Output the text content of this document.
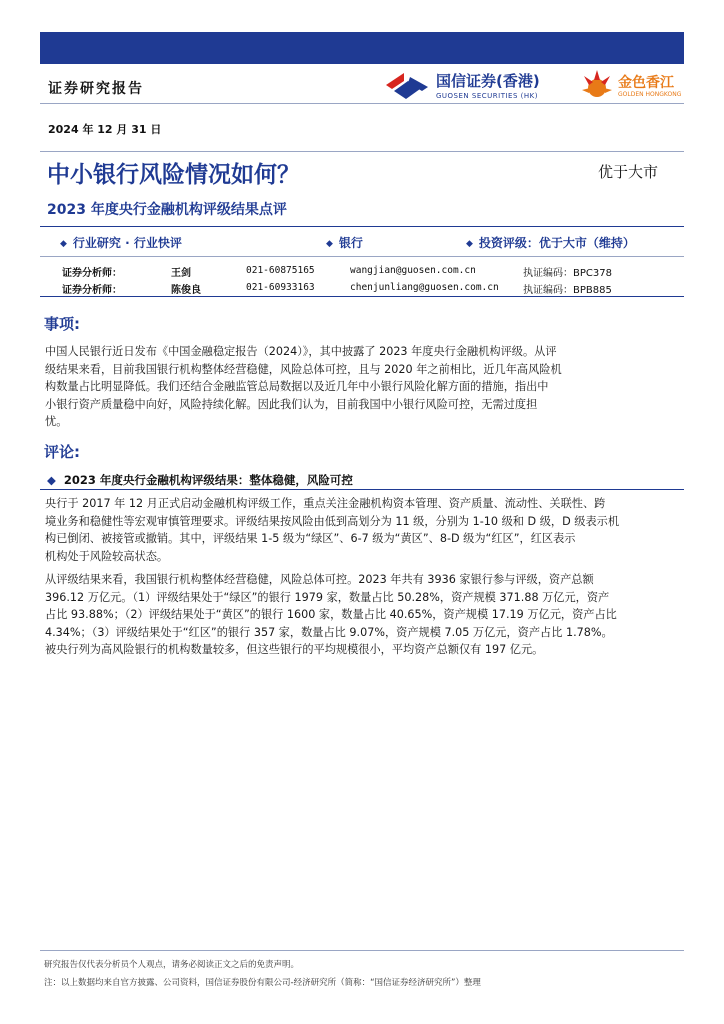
证券研究报告	国信证券(香港)
GUOSEN SECURITIES (HK)
金色香江
GOLDEN HONGKONG
2024 年 12 月 31 日
中小银行风险情况如何？	优于大市
2023 年度央行金融机构评级结果点评
◆ 行业研究 · 行业快评	◆ 银行	◆ 投资评级：优于大市（维持）
证券分析师：	王剑	021-60875165	wangjian@guosen.com.cn	执证编码：BPC378
证券分析师：	陈俊良	021-60933163	chenjunliang@guosen.com.cn 执证编码：BPB885
事项:

中国人民银行近日发布《中国金融稳定报告（2024）》，其中披露了 2023 年度央行金融机构评级。从评

级结果来看，目前我国银行机构整体经营稳健，风险总体可控，且与 2020 年之前相比，近几年高风险机

构数量占比明显降低。我们还结合金融监管总局数据以及近几年中小银行风险化解方面的措施，指出中

小银行资产质量稳中向好，风险持续化解。因此我们认为，目前我国中小银行风险可控，无需过度担

忧。

评论:
◆ 2023 年度央行金融机构评级结果：整体稳健，风险可控

央行于 2017 年 12 月正式启动金融机构评级工作，重点关注金融机构资本管理、资产质量、流动性、关联性、跨

境业务和稳健性等宏观审慎管理要求。评级结果按风险由低到高划分为 11 级，分别为 1-10 级和 D 级，D 级表示机

构已倒闭、被接管或撤销。其中，评级结果 1-5 级为“绿区”、6-7 级为“黄区”、8-D 级为“红区”，红区表示

机构处于风险较高状态。

从评级结果来看，我国银行机构整体经营稳健，风险总体可控。2023 年共有 3936 家银行参与评级，资产总额

396.12 万亿元。（1）评级结果处于“绿区”的银行 1979 家，数量占比 50.28%，资产规模 371.88 万亿元，资产

占比 93.88%；（2）评级结果处于“黄区”的银行 1600 家，数量占比 40.65%，资产规模 17.19 万亿元，资产占比

4.34%；（3）评级结果处于“红区”的银行 357 家，数量占比 9.07%，资产规模 7.05 万亿元，资产占比 1.78%。

被央行列为高风险银行的机构数量较多，但这些银行的平均规模很小，平均资产总额仅有 197 亿元。

研究报告仅代表分析员个人观点，请务必阅读正文之后的免责声明。
注：以上数据均来自官方披露、公司资料，国信证券股份有限公司-经济研究所（简称：“国信证券经济研究所”）整理
